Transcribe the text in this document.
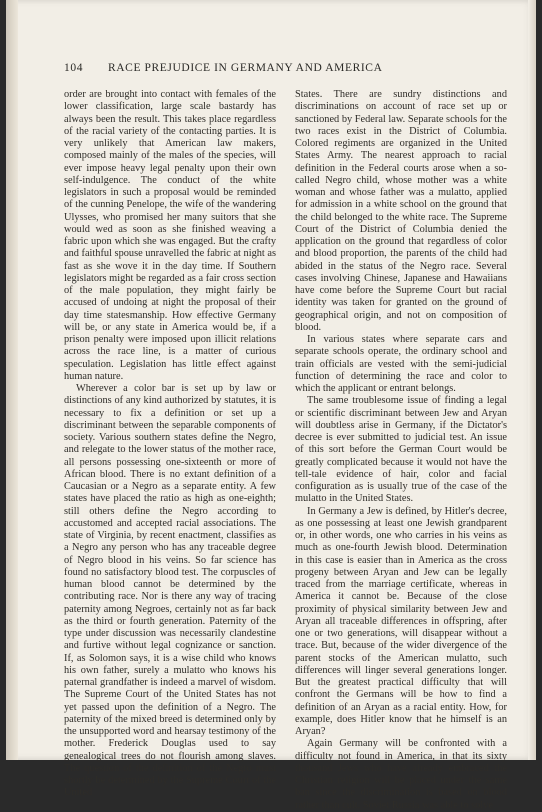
104 RACE PREJUDICE IN GERMANY AND AMERICA

order are brought into contact with females of the lower classification, large scale bastardy has always been the result. This takes place regardless of the racial variety of the contacting parties. It is very unlikely that American law makers, composed mainly of the males of the species, will ever impose heavy legal penalty upon their own self-indulgence. The conduct of the white legislators in such a proposal would be reminded of the cunning Penelope, the wife of the wandering Ulysses, who promised her many suitors that she would wed as soon as she finished weaving a fabric upon which she was engaged. But the crafty and faithful spouse unravelled the fabric at night as fast as she wove it in the day time. If Southern legislators might be regarded as a fair cross section of the male population, they might fairly be accused of undoing at night the proposal of their day time statesmanship. How effective Germany will be, or any state in America would be, if a prison penalty were imposed upon illicit relations across the race line, is a matter of curious speculation. Legislation has little effect against human nature.

Wherever a color bar is set up by law or distinctions of any kind authorized by statutes, it is necessary to fix a definition or set up a discriminant between the separable components of society. Various southern states define the Negro, and relegate to the lower status of the mother race, all persons possessing one-sixteenth or more of African blood. There is no extant definition of a Caucasian or a Negro as a separate entity. A few states have placed the ratio as high as one-eighth; still others define the Negro according to accustomed and accepted racial associations. The state of Virginia, by recent enactment, classifies as a Negro any person who has any traceable degree of Negro blood in his veins. So far science has found no satisfactory blood test. The corpuscles of human blood cannot be determined by the contributing race. Nor is there any way of tracing paternity among Negroes, certainly not as far back as the third or fourth generation. Paternity of the type under discussion was necessarily clandestine and furtive without legal cognizance or sanction. If, as Solomon says, it is a wise child who knows his own father, surely a mulatto who knows his paternal grandfather is indeed a marvel of wisdom. The Supreme Court of the United States has not yet passed upon the definition of a Negro. The paternity of the mixed breed is determined only by the unsupported word and hearsay testimony of the mother. Frederick Douglas used to say genealogical trees do not flourish among slaves. The question of the definition of the Negro must shortly be determined by the Supreme Court of the United

States. There are sundry distinctions and discriminations on account of race set up or sanctioned by Federal law. Separate schools for the two races exist in the District of Columbia. Colored regiments are organized in the United States Army. The nearest approach to racial definition in the Federal courts arose when a so-called Negro child, whose mother was a white woman and whose father was a mulatto, applied for admission in a white school on the ground that the child belonged to the white race. The Supreme Court of the District of Columbia denied the application on the ground that regardless of color and blood proportion, the parents of the child had abided in the status of the Negro race. Several cases involving Chinese, Japanese and Hawaiians have come before the Supreme Court but racial identity was taken for granted on the ground of geographical origin, and not on composition of blood.

In various states where separate cars and separate schools operate, the ordinary school and train officials are vested with the semi-judicial function of determining the race and color to which the applicant or entrant belongs.

The same troublesome issue of finding a legal or scientific discriminant between Jew and Aryan will doubtless arise in Germany, if the Dictator's decree is ever submitted to judicial test. An issue of this sort before the German Court would be greatly complicated because it would not have the tell-tale evidence of hair, color and facial configuration as is usually true of the case of the mulatto in the United States.

In Germany a Jew is defined, by Hitler's decree, as one possessing at least one Jewish grandparent or, in other words, one who carries in his veins as much as one-fourth Jewish blood. Determination in this case is easier than in America as the cross progeny between Aryan and Jew can be legally traced from the marriage certificate, whereas in America it cannot be. Because of the close proximity of physical similarity between Jew and Aryan all traceable differences in offspring, after one or two generations, will disappear without a trace. But, because of the wider divergence of the parent stocks of the American mulatto, such differences will linger several generations longer. But the greatest practical difficulty that will confront the Germans will be how to find a definition of an Aryan as a racial entity. How, for example, does Hitler know that he himself is an Aryan?

Again Germany will be confronted with a difficulty not found in America, in that its sixty thousand Jews who have already embraced the Christian religion will be placed under the same ban since the discrimination is based on blood rather than cult. Soviet Russia was able to solve
